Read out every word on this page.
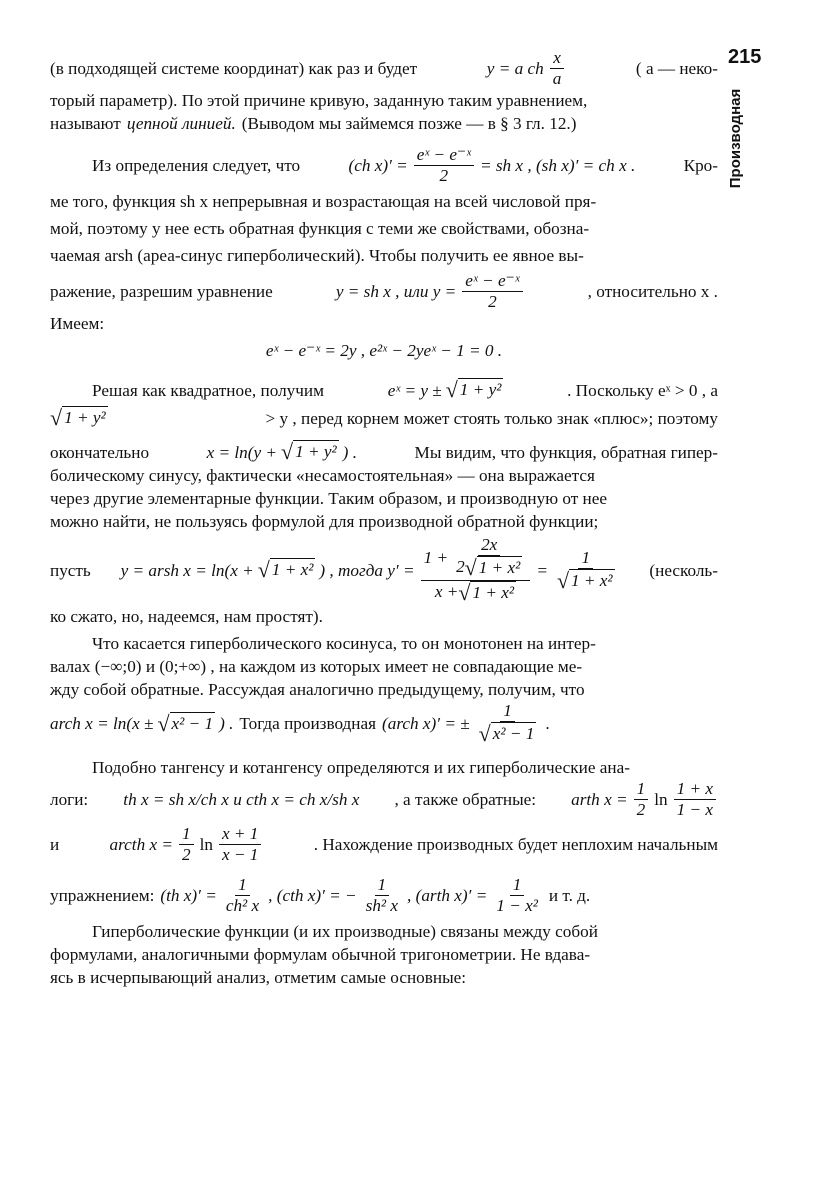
215
Производная
(в подходящей системе координат) как раз и будет	y = a ch $\frac{x}{a}$	( a — неко-
торый параметр). По этой причине кривую, заданную таким уравнением,
называют цепной линией. (Выводом мы займемся позже — в § 3 гл. 12.)
Из определения следует, что	(ch $x)' = \frac{\text{eˣ − e⁻ˣ}}{2}$ = sh x , (sh x)′ = ch x .	Кро-
ме того, функция sh x непрерывная и возрастающая на всей числовой пря-
мой, поэтому у нее есть обратная функция с теми же свойствами, обозна-
чаемая arsh (ареа-синус гиперболический). Чтобы получить ее явное вы-
ражение, разрешим уравнение	y = sh x , или $y = \frac{\text{eˣ − e⁻ˣ}}{2}$	, относительно x .
Имеем:
eˣ − e⁻ˣ = 2y , e²ˣ − 2yeˣ − 1 = 0 .
Решая как квадратное, получим	eˣ = y ± √ 1 + y²	. Поскольку eˣ > 0 , а
√ 1 + y²	> y , перед корнем может стоять только знак «плюс»; поэтому
окончательно	x = ln(y + √ 1 + y² ) .	Мы видим, что функция, обратная гипер-
болическому синусу, фактически «несамостоятельная» — она выражается
через другие элементарные функции. Таким образом, и производную от нее
можно найти, не пользуясь формулой для производной обратной функции;
пусть y = arsh x = ln(x + √ 1 + x² ) , тогда $y' = \frac{1 + \frac{2x}{\text{2 √ 1 + x²}}}{\text{x + √ 1 + x²}} = \frac{1}{\text{√ 1 + x²}}$ (несколь-
ко сжато, но, надеемся, нам простят).
Что касается гиперболического косинуса, то он монотонен на интер-
валах (−∞;0) и (0;+∞) , на каждом из которых имеет не совпадающие ме-
жду собой обратные. Рассуждая аналогично предыдущему, получим, что
arch x = ln(x ± √ x² − 1 ) . Тогда производная (arch x)′ = ± $\frac{1}{\text{√ x² − 1}}$ .
Подобно тангенсу и котангенсу определяются и их гиперболические ана-
логи: th x = sh x/ch x и cth x = ch x/sh x , а также обратные: arth $x = \frac{1}{2}$ $\ln \frac{1 + x}{1 - x}$
и	arcth $x = \frac{1}{2}$ $\ln \frac{x + 1}{x - 1}$	. Нахождение производных будет неплохим начальным
упражнением: (th $x)' = \frac{1}{\text{ch² x}}$ , (cth x)′ = − $\frac{1}{\text{sh² x}}$ , (arth $x)' = \frac{1}{\text{1 − x²}}$ и т. д.
Гиперболические функции (и их производные) связаны между собой
формулами, аналогичными формулам обычной тригонометрии. Не вдава-
ясь в исчерпывающий анализ, отметим самые основные:
